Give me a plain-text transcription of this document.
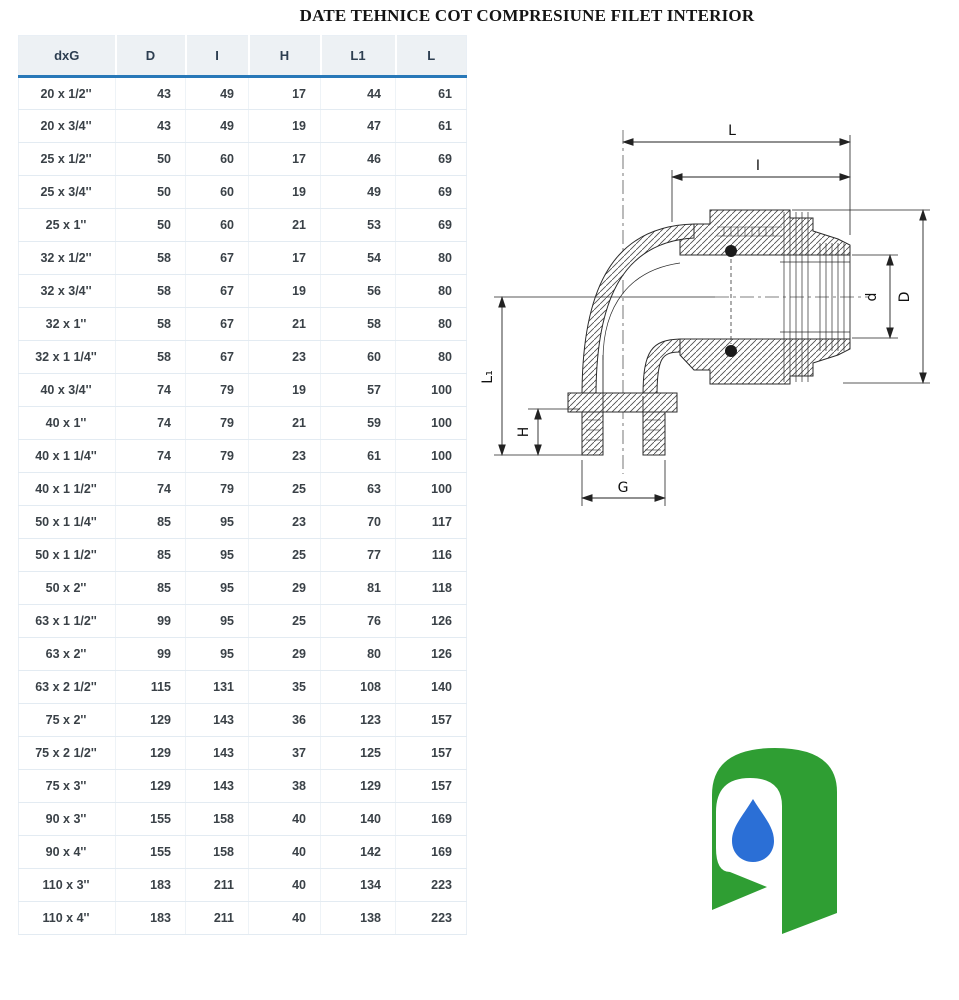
DATE TEHNICE COT COMPRESIUNE FILET INTERIOR
dxG	D	I	H	L1	L
20 x 1/2''	43	49	17	44	61
20 x 3/4''	43	49	19	47	61
25 x 1/2''	50	60	17	46	69
25 x 3/4''	50	60	19	49	69
25 x 1''	50	60	21	53	69
32 x 1/2''	58	67	17	54	80
32 x 3/4''	58	67	19	56	80
32 x 1''	58	67	21	58	80
32 x 1 1/4''	58	67	23	60	80
40 x 3/4''	74	79	19	57	100
40 x 1''	74	79	21	59	100
40 x 1 1/4''	74	79	23	61	100
40 x 1 1/2''	74	79	25	63	100
50 x 1 1/4''	85	95	23	70	117
50 x 1 1/2''	85	95	25	77	116
50 x 2''	85	95	29	81	118
63 x 1 1/2''	99	95	25	76	126
63 x 2''	99	95	29	80	126
63 x 2 1/2''	115	131	35	108	140
75 x 2''	129	143	36	123	157
75 x 2 1/2''	129	143	37	125	157
75 x 3''	129	143	38	129	157
90 x 3''	155	158	40	140	169
90 x 4''	155	158	40	142	169
110 x 3''	183	211	40	134	223
110 x 4''	183	211	40	138	223
L
I
d D
L₁
H
G
